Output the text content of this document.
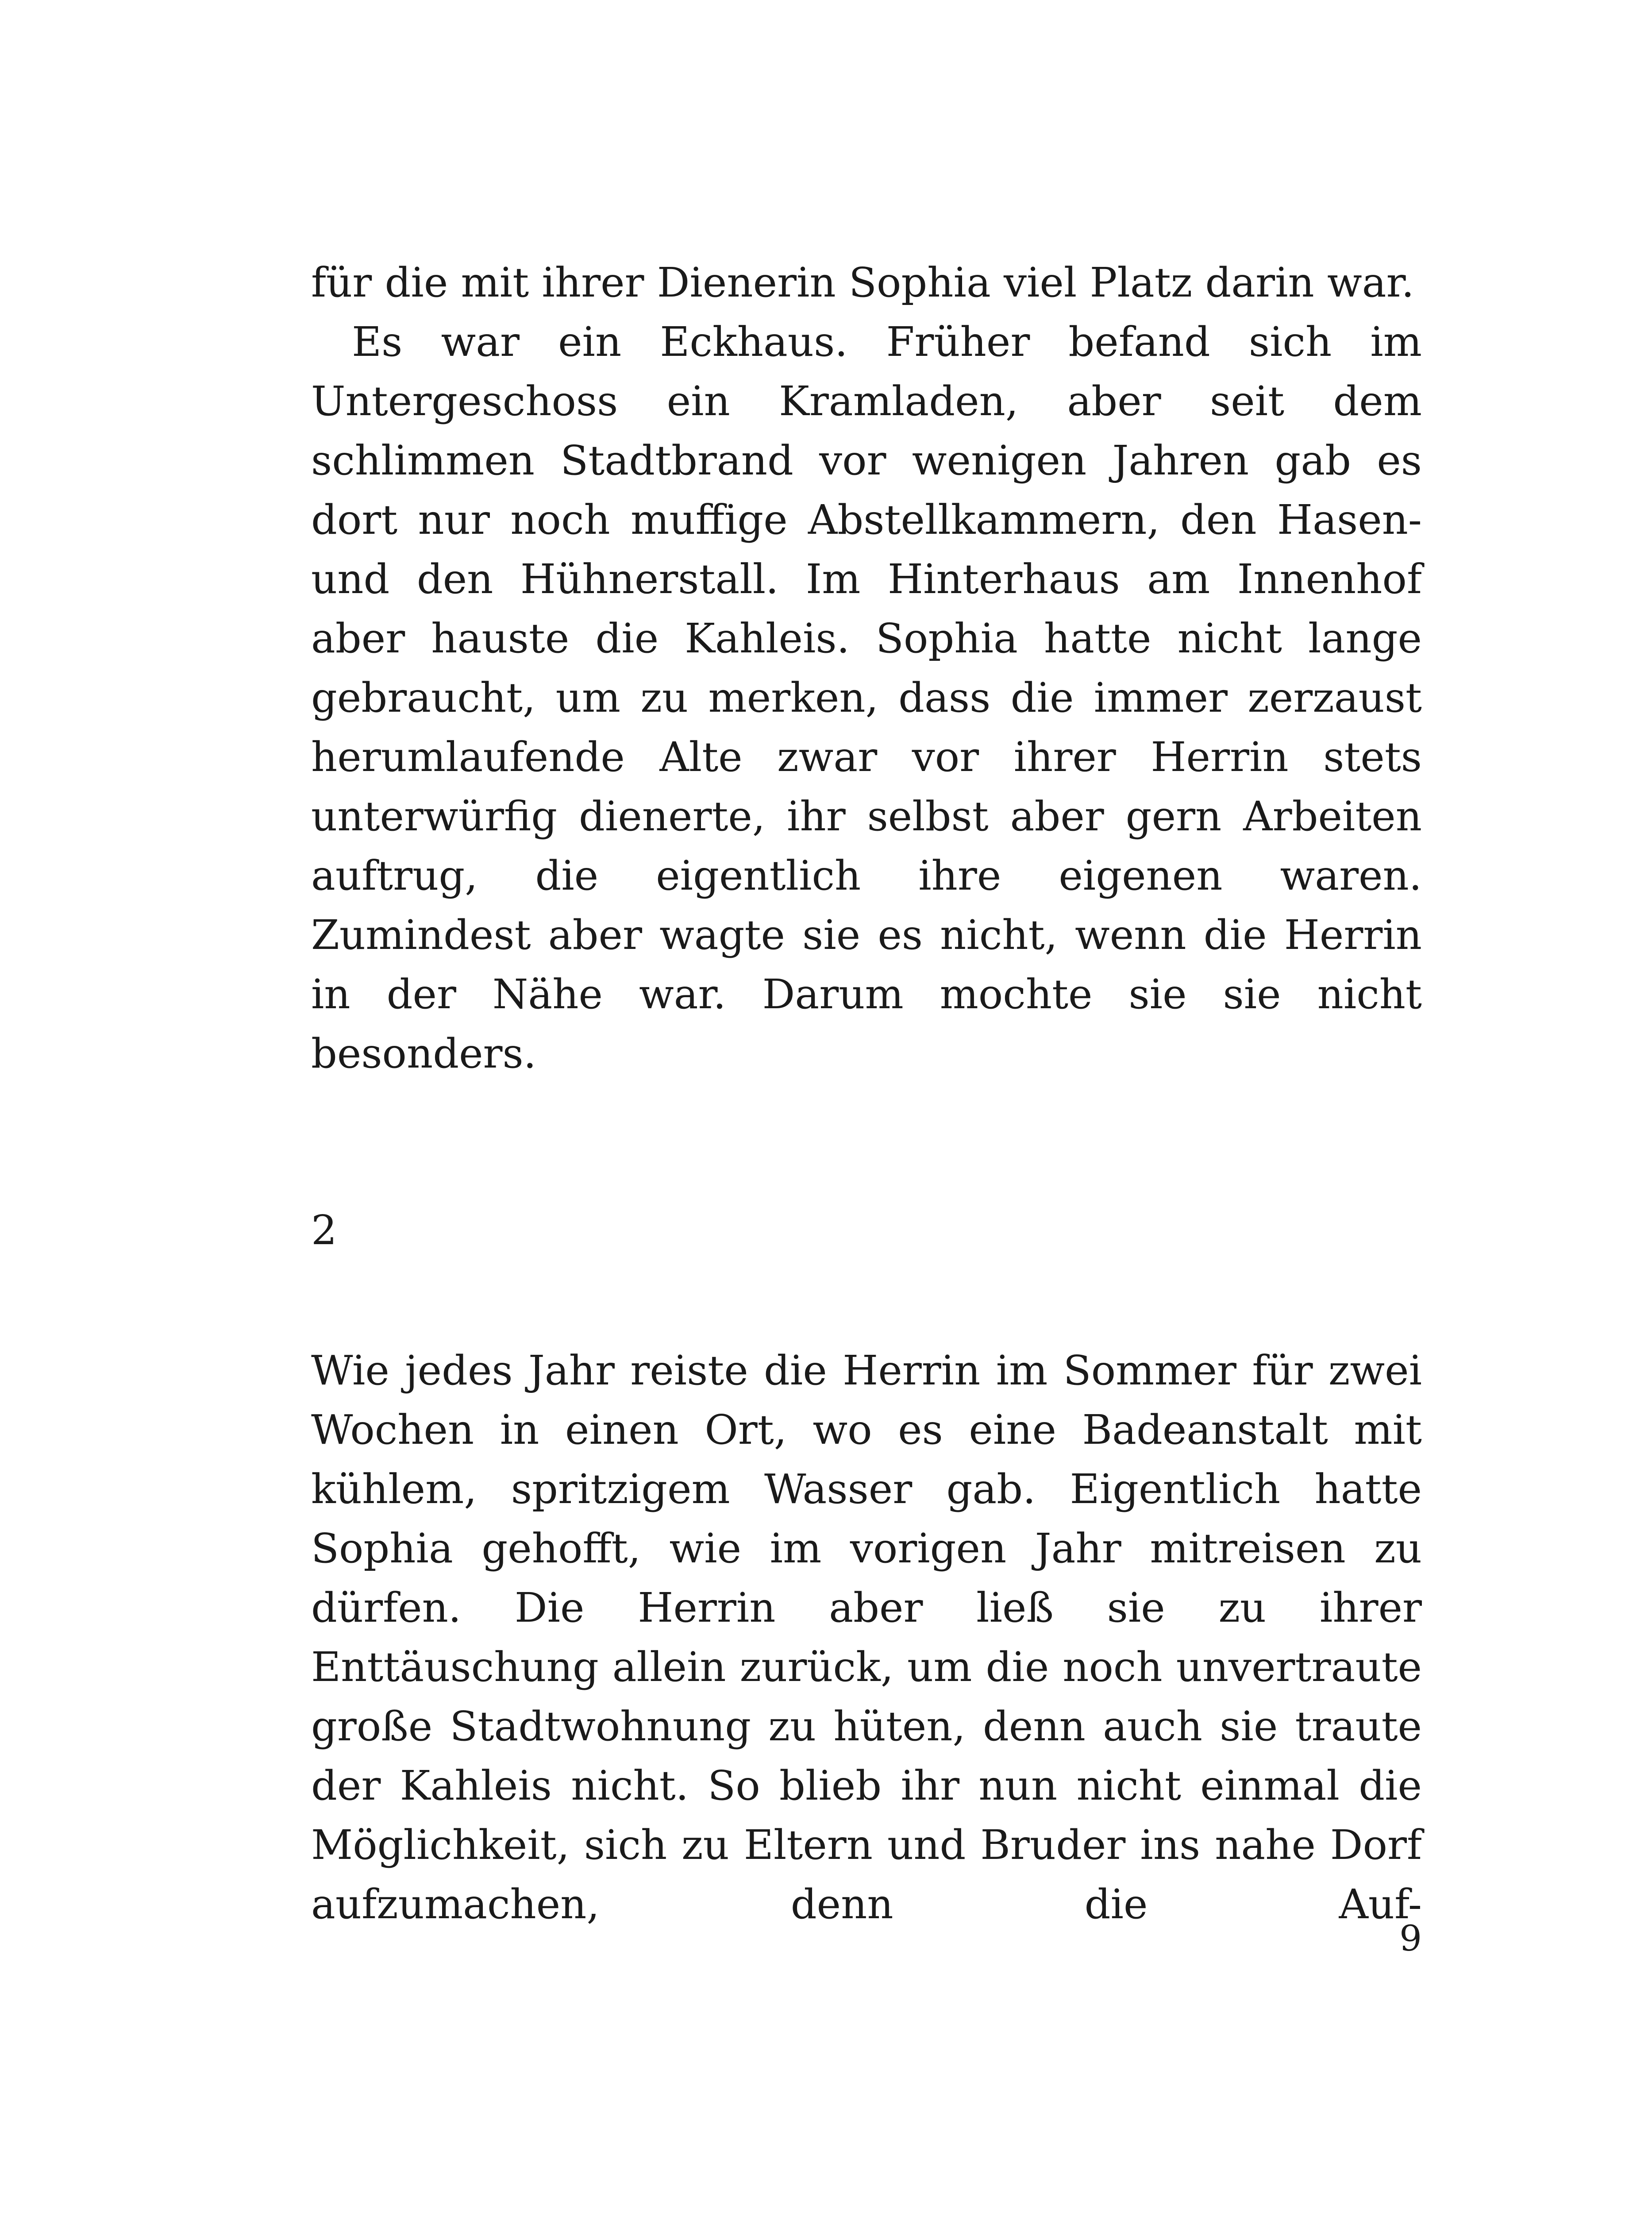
für die mit ihrer Dienerin Sophia viel Platz darin war.

Es war ein Eckhaus. Früher befand sich im Untergeschoss ein Kramladen, aber seit dem schlimmen Stadtbrand vor wenigen Jahren gab es dort nur noch muffige Abstellkammern, den Hasen- und den Hühnerstall. Im Hinterhaus am Innenhof aber hauste die Kahleis. Sophia hatte nicht lange gebraucht, um zu merken, dass die immer zerzaust herumlaufende Alte zwar vor ihrer Herrin stets unterwürfig dienerte, ihr selbst aber gern Arbeiten auftrug, die eigentlich ihre eigenen waren. Zumindest aber wagte sie es nicht, wenn die Herrin in der Nähe war. Darum mochte sie sie nicht besonders.

2

Wie jedes Jahr reiste die Herrin im Sommer für zwei Wochen in einen Ort, wo es eine Badeanstalt mit kühlem, spritzigem Wasser gab. Eigentlich hatte Sophia gehofft, wie im vorigen Jahr mitreisen zu dürfen. Die Herrin aber ließ sie zu ihrer Enttäuschung allein zurück, um die noch unvertraute große Stadtwohnung zu hüten, denn auch sie traute der Kahleis nicht. So blieb ihr nun nicht einmal die Möglichkeit, sich zu Eltern und Bruder ins nahe Dorf aufzumachen, denn die Auf-

9
